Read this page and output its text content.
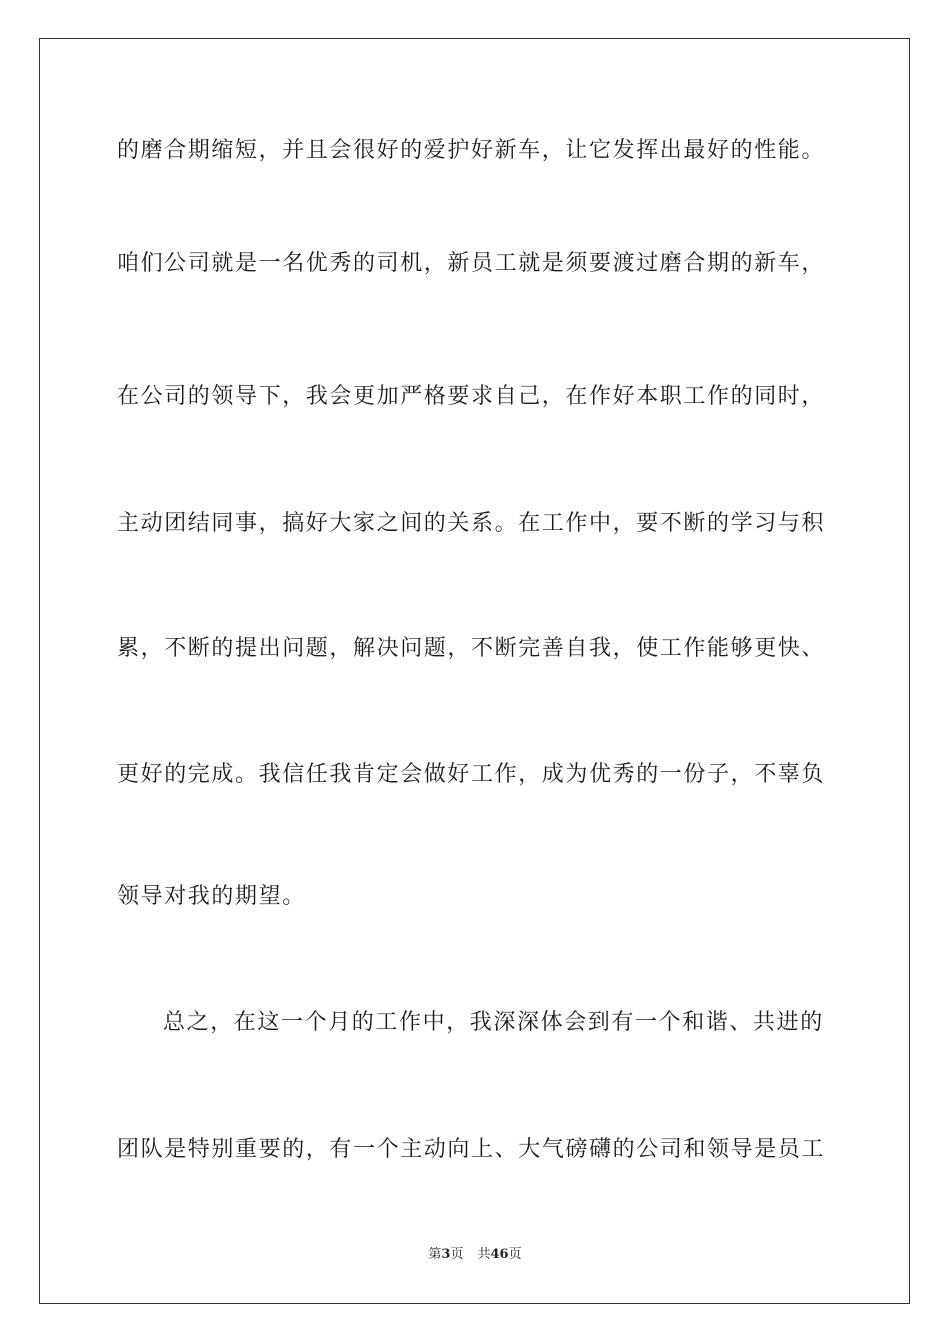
的磨合期缩短，并且会很好的爱护好新车，让它发挥出最好的性能。
咱们公司就是一名优秀的司机，新员工就是须要渡过磨合期的新车，
在公司的领导下，我会更加严格要求自己，在作好本职工作的同时，
主动团结同事，搞好大家之间的关系。在工作中，要不断的学习与积
累，不断的提出问题，解决问题，不断完善自我，使工作能够更快、
更好的完成。我信任我肯定会做好工作，成为优秀的一份子，不辜负
领导对我的期望。
总之，在这一个月的工作中，我深深体会到有一个和谐、共进的
团队是特别重要的，有一个主动向上、大气磅礴的公司和领导是员工
第3页 共46页
